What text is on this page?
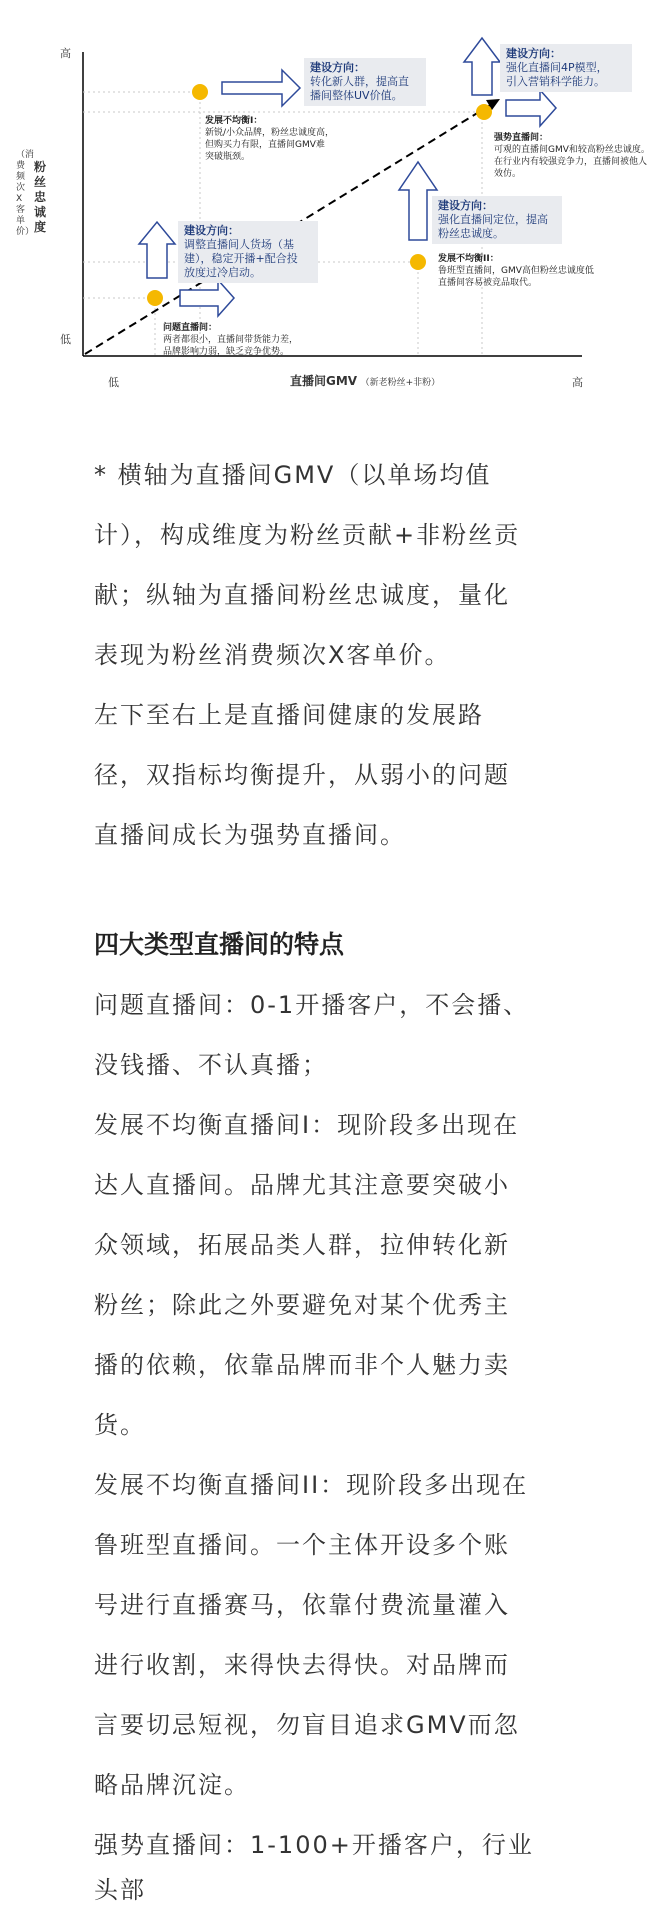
高
低
低	高
粉丝忠诚度
（消费频次X客单价）
直播间GMV （新老粉丝+非粉）
问题直播间：
两者都很小，直播间带货能力差，
品牌影响力弱，缺乏竞争优势。
建设方向：
调整直播间人货场（基
建），稳定开播+配合投
放度过冷启动。
发展不均衡I：
新锐/小众品牌，粉丝忠诚度高，
但购买力有限，直播间GMV难
突破瓶颈。
建设方向：
转化新人群，提高直
播间整体UV价值。
发展不均衡II：
鲁班型直播间，GMV高但粉丝忠诚度低
直播间容易被竞品取代。
建设方向：
强化直播间定位，提高
粉丝忠诚度。
强势直播间：
可观的直播间GMV和较高粉丝忠诚度。
在行业内有较强竞争力，直播间被他人
效仿。
建设方向：
强化直播间4P模型，
引入营销科学能力。

* 横轴为直播间GMV（以单场均值

计），构成维度为粉丝贡献+非粉丝贡

献；纵轴为直播间粉丝忠诚度，量化

表现为粉丝消费频次X客单价。

左下至右上是直播间健康的发展路

径，双指标均衡提升，从弱小的问题

直播间成长为强势直播间。

四大类型直播间的特点

问题直播间：0-1开播客户，不会播、

没钱播、不认真播；

发展不均衡直播间I：现阶段多出现在

达人直播间。品牌尤其注意要突破小

众领域，拓展品类人群，拉伸转化新

粉丝；除此之外要避免对某个优秀主

播的依赖，依靠品牌而非个人魅力卖

货。

发展不均衡直播间II：现阶段多出现在

鲁班型直播间。一个主体开设多个账

号进行直播赛马，依靠付费流量灌入

进行收割，来得快去得快。对品牌而

言要切忌短视，勿盲目追求GMV而忽

略品牌沉淀。

强势直播间：1-100+开播客户，行业

头部
